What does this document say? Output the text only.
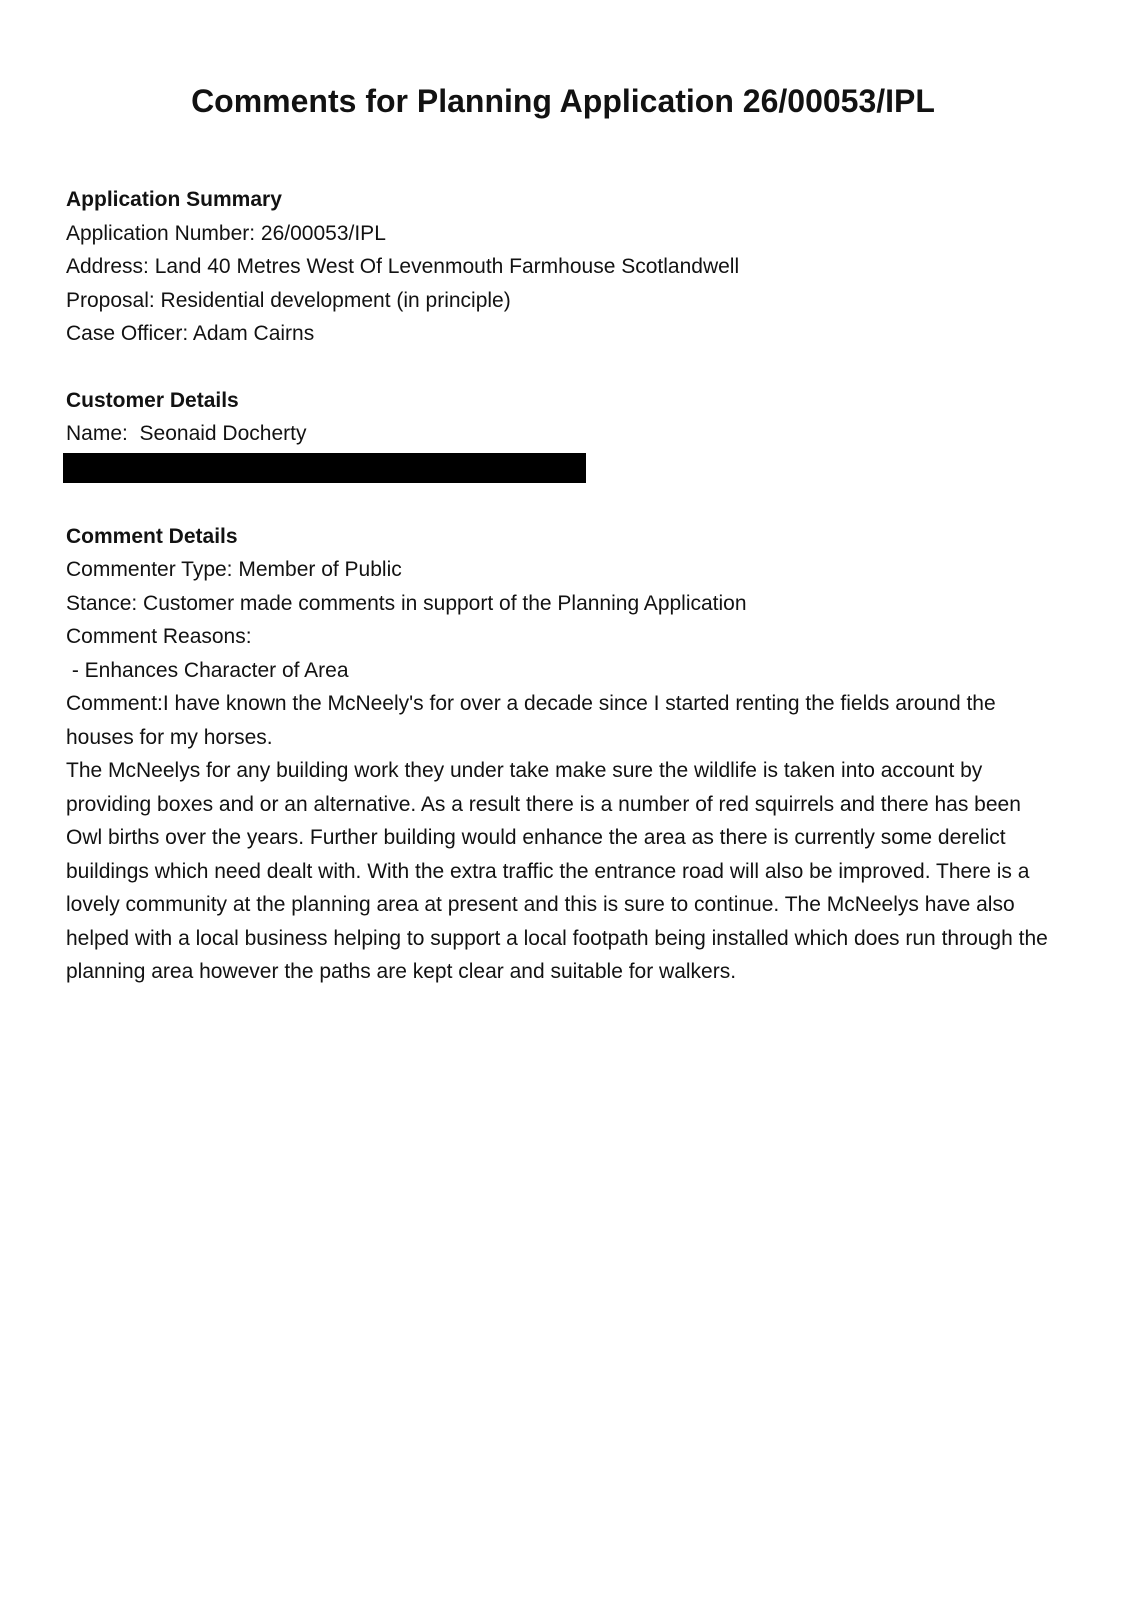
Comments for Planning Application 26/00053/IPL
Application Summary

Application Number: 26/00053/IPL

Address: Land 40 Metres West Of Levenmouth Farmhouse Scotlandwell

Proposal: Residential development (in principle)

Case Officer: Adam Cairns

Customer Details

Name:  Seonaid Docherty

Comment Details

Commenter Type: Member of Public

Stance: Customer made comments in support of the Planning Application

Comment Reasons:

- Enhances Character of Area

Comment:I have known the McNeely's for over a decade since I started renting the fields around the houses for my horses.

The McNeelys for any building work they under take make sure the wildlife is taken into account by providing boxes and or an alternative. As a result there is a number of red squirrels and there has been Owl births over the years. Further building would enhance the area as there is currently some derelict buildings which need dealt with. With the extra traffic the entrance road will also be improved. There is a lovely community at the planning area at present and this is sure to continue. The McNeelys have also helped with a local business helping to support a local footpath being installed which does run through the planning area however the paths are kept clear and suitable for walkers.
